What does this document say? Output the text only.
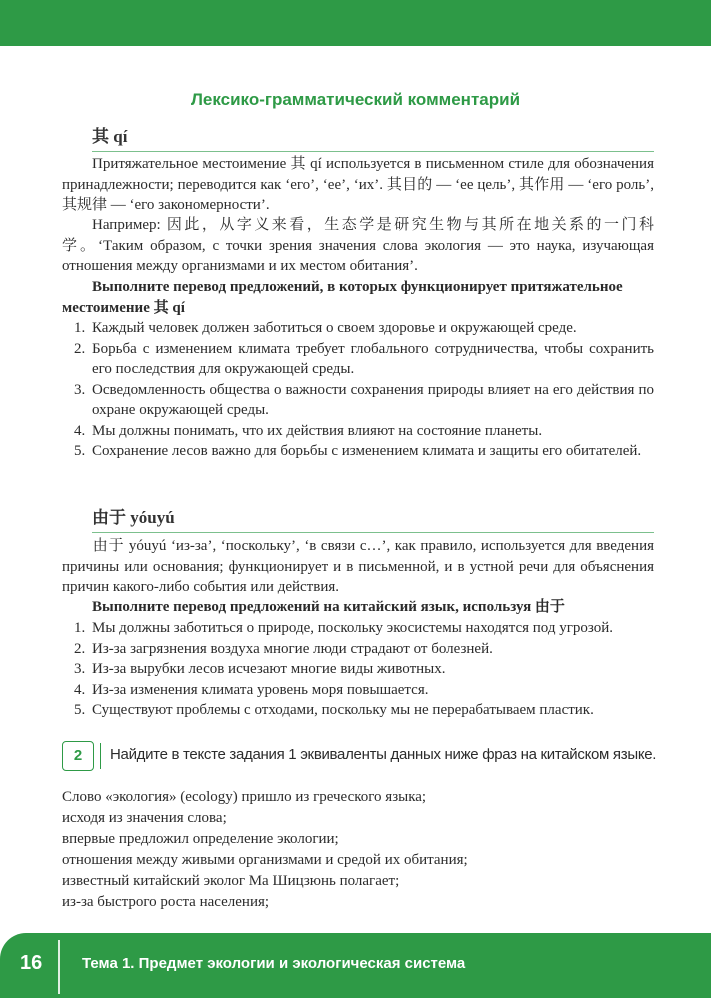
Лексико-грамматический комментарий
其 qí

Притяжательное местоимение 其 qí используется в письменном стиле для обозначения принадлежности; переводится как ‘его’, ‘ее’, ‘их’. 其目的 — ‘ее цель’, 其作用 — ‘его роль’, 其规律 — ‘его закономерности’.

Например: 因此，从字义来看，生态学是研究生物与其所在地关系的一门科学。‘Таким образом, с точки зрения значения слова экология — это наука, изучающая отношения между организмами и их местом обитания’.

Выполните перевод предложений, в которых функционирует притяжательное местоимение 其 qí

1. Каждый человек должен заботиться о своем здоровье и окружающей среде.
2. Борьба с изменением климата требует глобального сотрудничества, чтобы сохранить его последствия для окружающей среды.
3. Осведомленность общества о важности сохранения природы влияет на его действия по охране окружающей среды.
4. Мы должны понимать, что их действия влияют на состояние планеты.
5. Сохранение лесов важно для борьбы с изменением климата и защиты его обитателей.
由于 yóuyú

由于 yóuyú ‘из-за’, ‘поскольку’, ‘в связи с…’, как правило, используется для введения причины или основания; функционирует и в письменной, и в устной речи для объяснения причин какого-либо события или действия.

Выполните перевод предложений на китайский язык, используя 由于

1. Мы должны заботиться о природе, поскольку экосистемы находятся под угрозой.
2. Из-за загрязнения воздуха многие люди страдают от болезней.
3. Из-за вырубки лесов исчезают многие виды животных.
4. Из-за изменения климата уровень моря повышается.
5. Существуют проблемы с отходами, поскольку мы не перерабатываем пластик.
2	Найдите в тексте задания 1 эквиваленты данных ниже фраз на китайском языке.
Слово «экология» (ecology) пришло из греческого языка;
исходя из значения слова;
впервые предложил определение экологии;
отношения между живыми организмами и средой их обитания;
известный китайский эколог Ма Шицзюнь полагает;
из-за быстрого роста населения;
16	Тема 1. Предмет экологии и экологическая система
